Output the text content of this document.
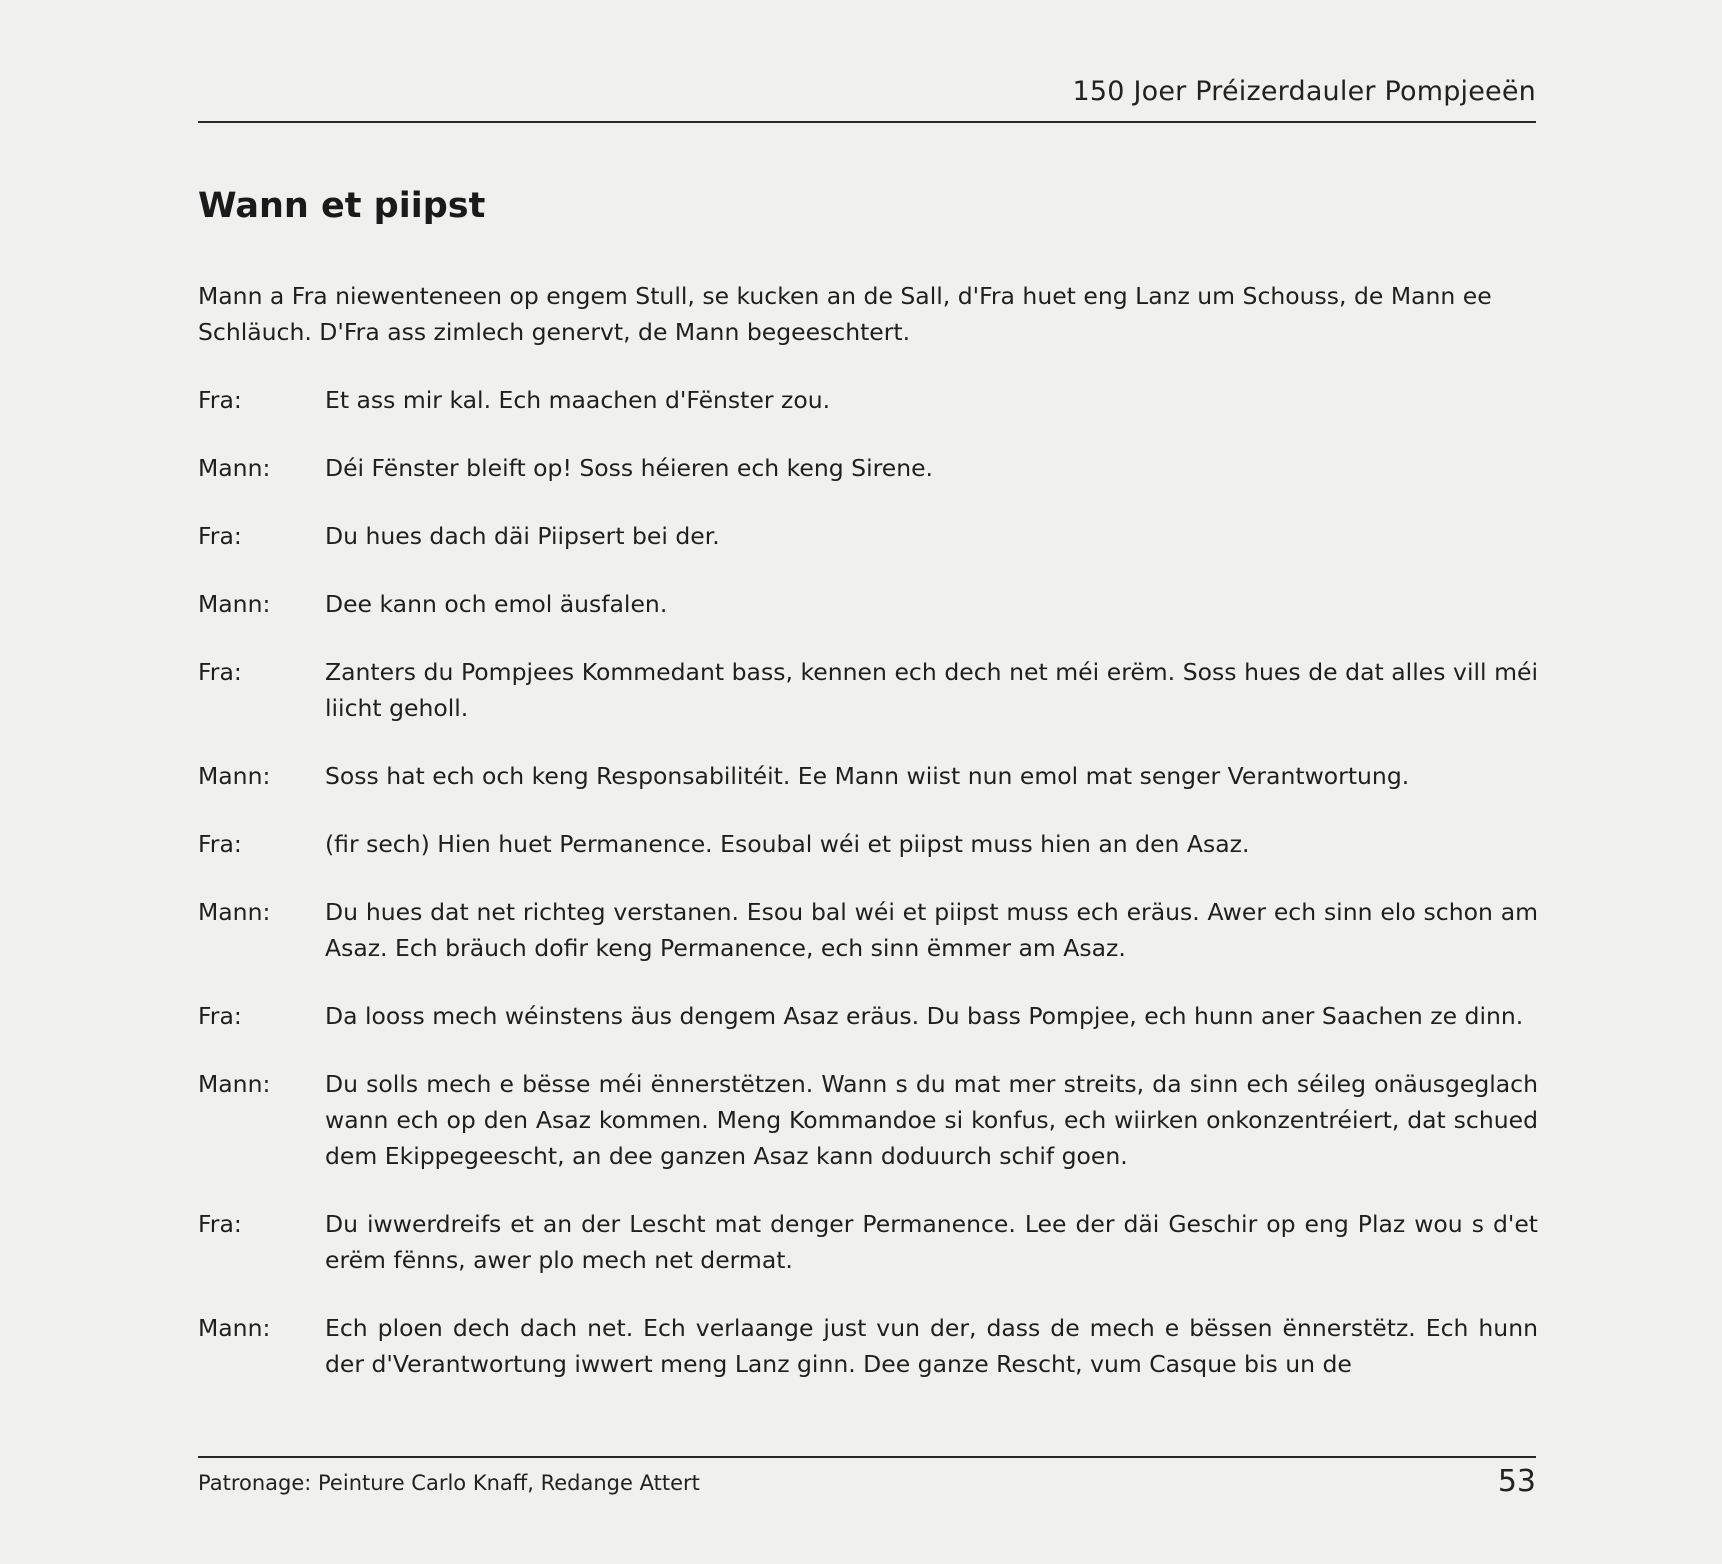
150 Joer Préizerdauler Pompjeeën
Wann et piipst

Mann a Fra niewenteneen op engem Stull, se kucken an de Sall, d'Fra huet eng Lanz um Schouss, de Mann ee Schläuch. D'Fra ass zimlech genervt, de Mann begeeschtert.

Fra:	Et ass mir kal. Ech maachen d'Fënster zou.
Mann:	Déi Fënster bleift op! Soss héieren ech keng Sirene.
Fra:	Du hues dach däi Piipsert bei der.
Mann:	Dee kann och emol äusfalen.
Fra:	Zanters du Pompjees Kommedant bass, kennen ech dech net méi erëm. Soss hues de dat alles vill méi liicht geholl.
Mann:	Soss hat ech och keng Responsabilitéit. Ee Mann wiist nun emol mat senger Verantwortung.
Fra:	(fir sech) Hien huet Permanence. Esoubal wéi et piipst muss hien an den Asaz.
Mann:	Du hues dat net richteg verstanen. Esou bal wéi et piipst muss ech eräus. Awer ech sinn elo schon am Asaz. Ech bräuch dofir keng Permanence, ech sinn ëmmer am Asaz.
Fra:	Da looss mech wéinstens äus dengem Asaz eräus. Du bass Pompjee, ech hunn aner Saachen ze dinn.
Mann:	Du solls mech e bësse méi ënnerstëtzen. Wann s du mat mer streits, da sinn ech séileg onäusgeglach wann ech op den Asaz kommen. Meng Kommandoe si konfus, ech wiirken onkonzentréiert, dat schued dem Ekippegeescht, an dee ganzen Asaz kann doduurch schif goen.
Fra:	Du iwwerdreifs et an der Lescht mat denger Permanence. Lee der däi Geschir op eng Plaz wou s d'et erëm fënns, awer plo mech net dermat.
Mann:	Ech ploen dech dach net. Ech verlaange just vun der, dass de mech e bëssen ënnerstëtz. Ech hunn der d'Verantwortung iwwert meng Lanz ginn. Dee ganze Rescht, vum Casque bis un de
Patronage: Peinture Carlo Knaff, Redange Attert	53
